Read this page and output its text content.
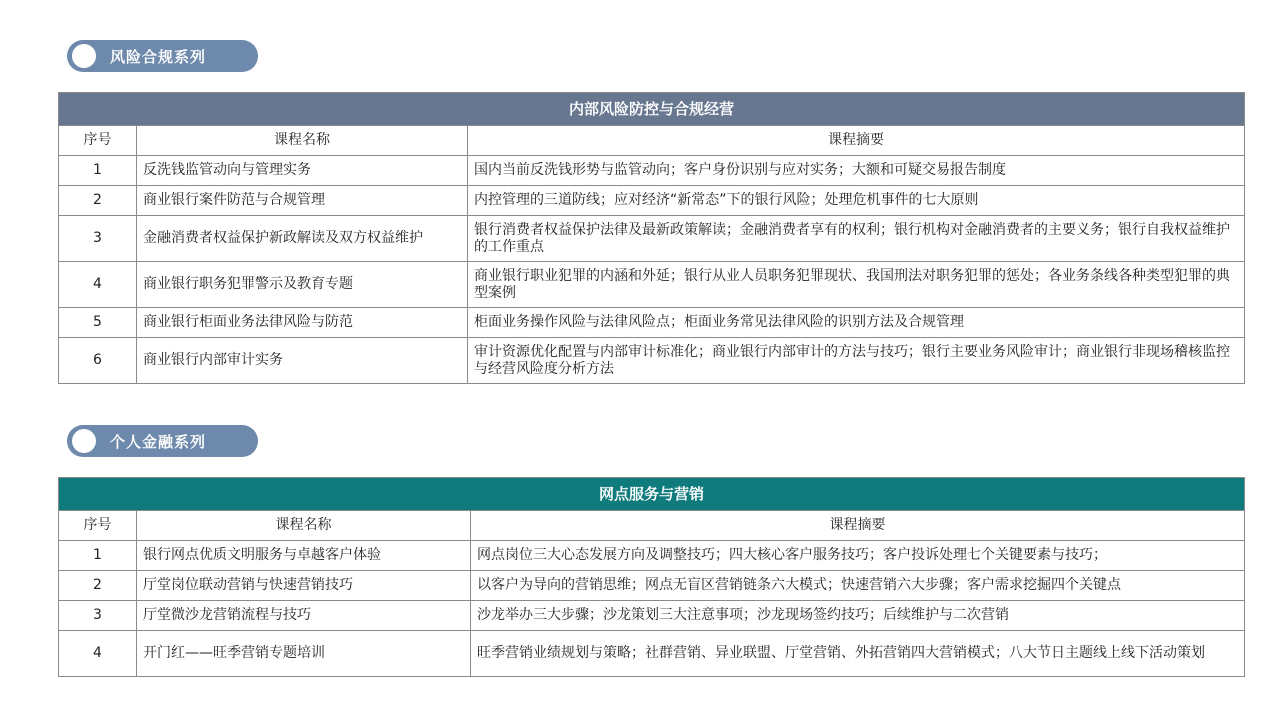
风险合规系列
内部风险防控与合规经营		
序号	课程名称	课程摘要
1	反洗钱监管动向与管理实务	国内当前反洗钱形势与监管动向；客户身份识别与应对实务；大额和可疑交易报告制度
2	商业银行案件防范与合规管理	内控管理的三道防线；应对经济“新常态”下的银行风险；处理危机事件的七大原则
3	金融消费者权益保护新政解读及双方权益维护	银行消费者权益保护法律及最新政策解读；金融消费者享有的权利；银行机构对金融消费者的主要义务；银行自我权益维护的工作重点
4	商业银行职务犯罪警示及教育专题	商业银行职业犯罪的内涵和外延；银行从业人员职务犯罪现状、我国刑法对职务犯罪的惩处；各业务条线各种类型犯罪的典型案例
5	商业银行柜面业务法律风险与防范	柜面业务操作风险与法律风险点；柜面业务常见法律风险的识别方法及合规管理
6	商业银行内部审计实务	审计资源优化配置与内部审计标准化；商业银行内部审计的方法与技巧；银行主要业务风险审计；商业银行非现场稽核监控与经营风险度分析方法
个人金融系列
网点服务与营销		
序号	课程名称	课程摘要
1	银行网点优质文明服务与卓越客户体验	网点岗位三大心态发展方向及调整技巧；四大核心客户服务技巧；客户投诉处理七个关键要素与技巧；
2	厅堂岗位联动营销与快速营销技巧	以客户为导向的营销思维；网点无盲区营销链条六大模式；快速营销六大步骤；客户需求挖掘四个关键点
3	厅堂微沙龙营销流程与技巧	沙龙举办三大步骤；沙龙策划三大注意事项；沙龙现场签约技巧；后续维护与二次营销
4	开门红——旺季营销专题培训	旺季营销业绩规划与策略；社群营销、异业联盟、厅堂营销、外拓营销四大营销模式；八大节日主题线上线下活动策划
